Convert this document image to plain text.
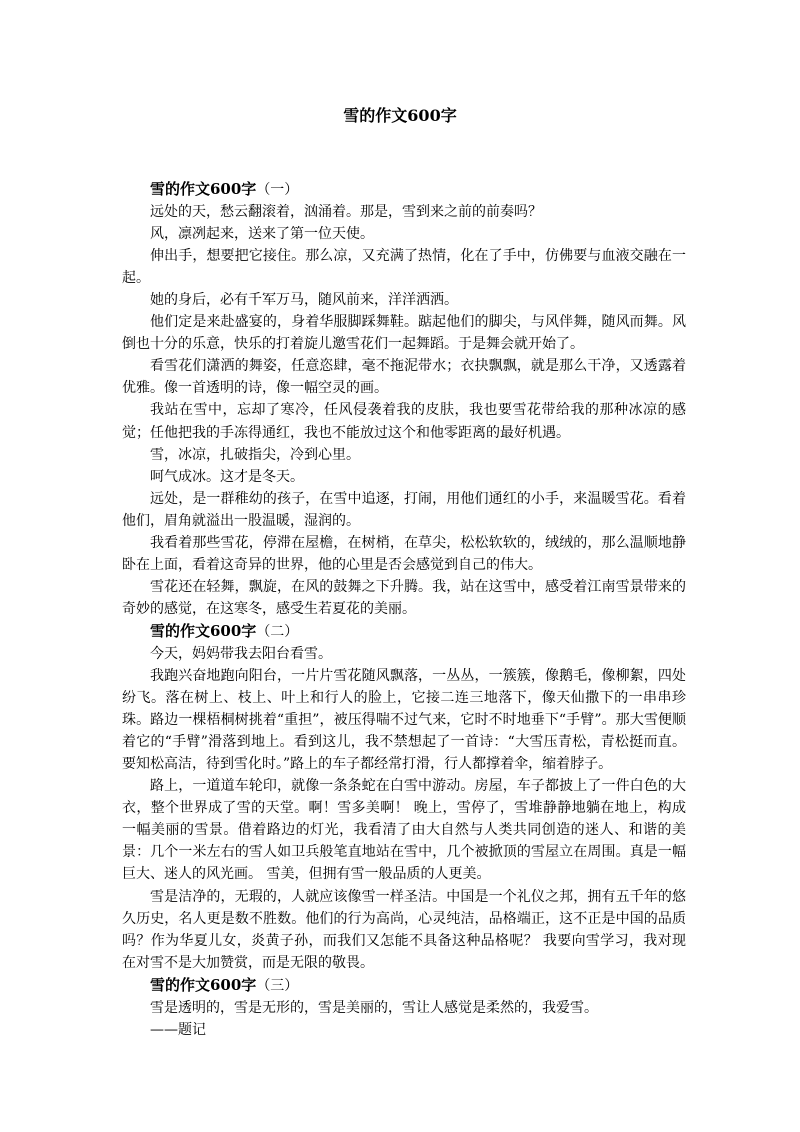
雪的作文600字
雪的作文600字（一）

远处的天，愁云翻滚着，汹涌着。那是，雪到来之前的前奏吗？

风，凛冽起来，送来了第一位天使。

伸出手，想要把它接住。那么凉，又充满了热情，化在了手中，仿佛要与血液交融在一起。

她的身后，必有千军万马，随风前来，洋洋洒洒。

他们定是来赴盛宴的，身着华服脚踩舞鞋。踮起他们的脚尖，与风伴舞，随风而舞。风倒也十分的乐意，快乐的打着旋儿邀雪花们一起舞蹈。于是舞会就开始了。

看雪花们潇洒的舞姿，任意恣肆，毫不拖泥带水；衣抉飘飘，就是那么干净，又透露着优雅。像一首透明的诗，像一幅空灵的画。

我站在雪中，忘却了寒冷，任风侵袭着我的皮肤，我也要雪花带给我的那种冰凉的感觉；任他把我的手冻得通红，我也不能放过这个和他零距离的最好机遇。

雪，冰凉，扎破指尖，冷到心里。

呵气成冰。这才是冬天。

远处，是一群稚幼的孩子，在雪中追逐，打闹，用他们通红的小手，来温暖雪花。看着他们，眉角就溢出一股温暖，湿润的。

我看着那些雪花，停滞在屋檐，在树梢，在草尖，松松软软的，绒绒的，那么温顺地静卧在上面，看着这奇异的世界，他的心里是否会感觉到自己的伟大。

雪花还在轻舞，飘旋，在风的鼓舞之下升腾。我，站在这雪中，感受着江南雪景带来的奇妙的感觉，在这寒冬，感受生若夏花的美丽。

雪的作文600字（二）

今天，妈妈带我去阳台看雪。

我跑兴奋地跑向阳台，一片片雪花随风飘落，一丛丛，一簇簇，像鹅毛，像柳絮，四处纷飞。落在树上、枝上、叶上和行人的脸上，它接二连三地落下，像天仙撒下的一串串珍珠。路边一棵梧桐树挑着“重担”，被压得喘不过气来，它时不时地垂下“手臂”。那大雪便顺着它的“手臂”滑落到地上。看到这儿，我不禁想起了一首诗：“大雪压青松，青松挺而直。要知松高洁，待到雪化时。”路上的车子都经常打滑，行人都撑着伞，缩着脖子。

路上，一道道车轮印，就像一条条蛇在白雪中游动。房屋，车子都披上了一件白色的大衣，整个世界成了雪的天堂。啊！雪多美啊！ 晚上，雪停了，雪堆静静地躺在地上，构成一幅美丽的雪景。借着路边的灯光，我看清了由大自然与人类共同创造的迷人、和谐的美景：几个一米左右的雪人如卫兵般笔直地站在雪中，几个被掀顶的雪屋立在周围。真是一幅巨大、迷人的风光画。 雪美，但拥有雪一般品质的人更美。

雪是洁净的，无瑕的，人就应该像雪一样圣洁。中国是一个礼仪之邦，拥有五千年的悠久历史，名人更是数不胜数。他们的行为高尚，心灵纯洁，品格端正，这不正是中国的品质吗？作为华夏儿女，炎黄子孙，而我们又怎能不具备这种品格呢？ 我要向雪学习，我对现在对雪不是大加赞赏，而是无限的敬畏。

雪的作文600字（三）

雪是透明的，雪是无形的，雪是美丽的，雪让人感觉是柔然的，我爱雪。

——题记
